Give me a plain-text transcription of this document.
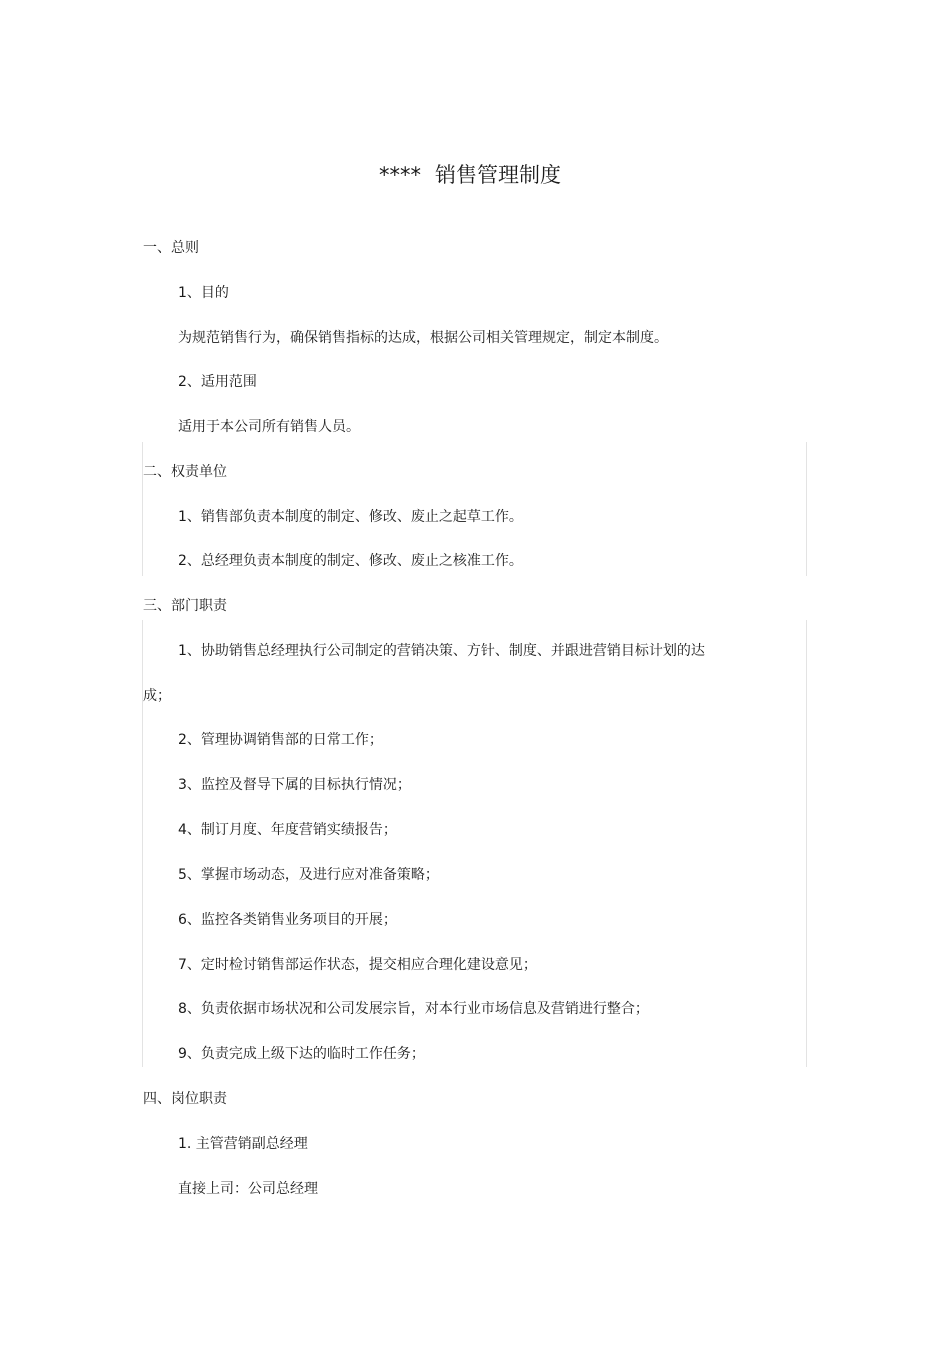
**** 销售管理制度
一、总则
1、目的
为规范销售行为，确保销售指标的达成，根据公司相关管理规定，制定本制度。
2、适用范围
适用于本公司所有销售人员。
二、权责单位
1、销售部负责本制度的制定、修改、废止之起草工作。
2、总经理负责本制度的制定、修改、废止之核准工作。
三、部门职责
1、协助销售总经理执行公司制定的营销决策、方针、制度、并跟进营销目标计划的达
成；
2、管理协调销售部的日常工作；
3、监控及督导下属的目标执行情况；
4、制订月度、年度营销实绩报告；
5、掌握市场动态，及进行应对准备策略；
6、监控各类销售业务项目的开展；
7、定时检讨销售部运作状态，提交相应合理化建设意见；
8、负责依据市场状况和公司发展宗旨，对本行业市场信息及营销进行整合；
9、负责完成上级下达的临时工作任务；
四、岗位职责
1. 主管营销副总经理
直接上司：公司总经理
